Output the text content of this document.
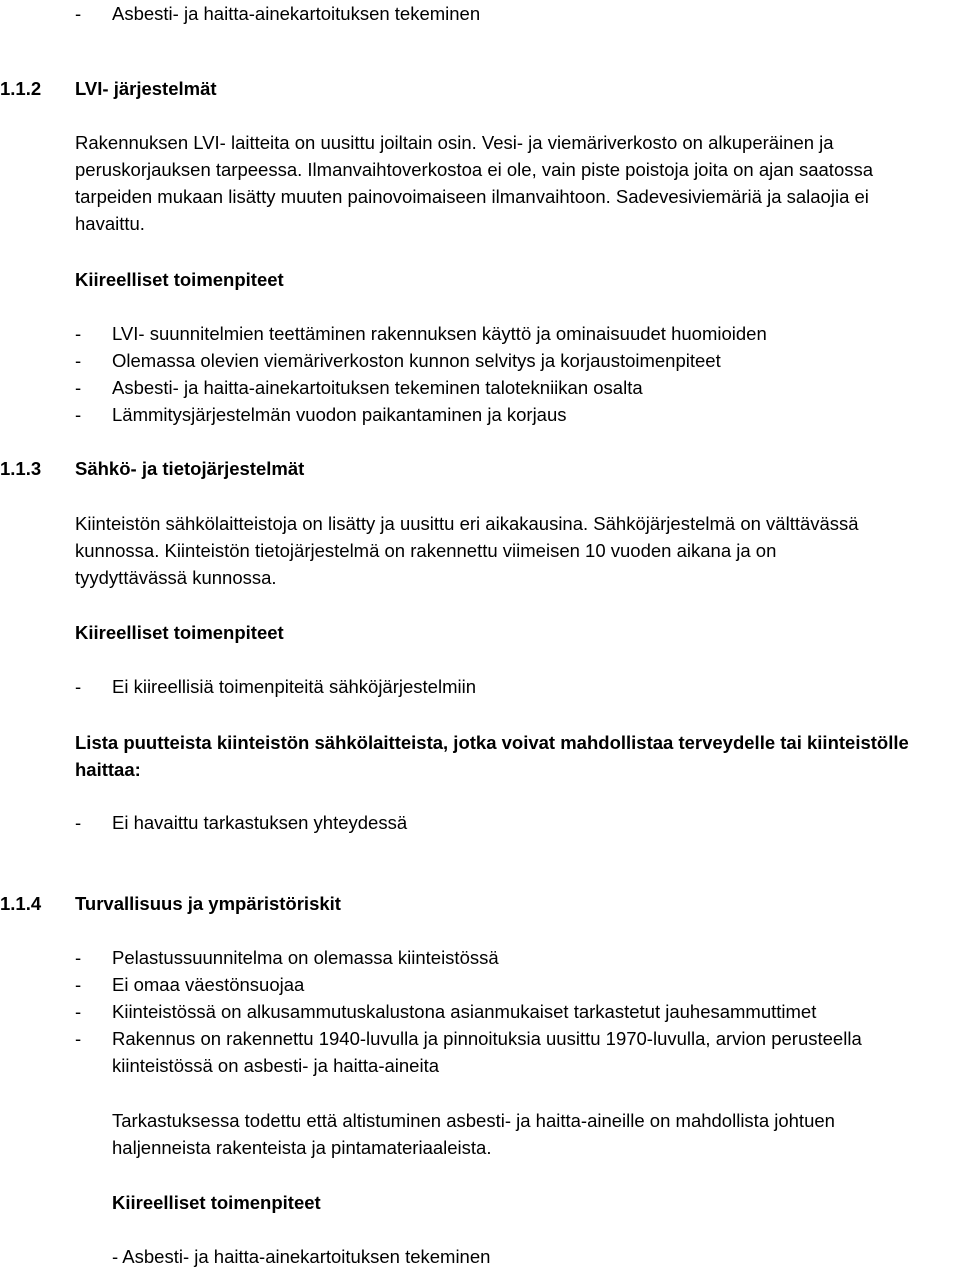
- Asbesti- ja haitta-ainekartoituksen tekeminen
1.1.2 LVI- järjestelmät
Rakennuksen LVI- laitteita on uusittu joiltain osin. Vesi- ja viemäriverkosto on alkuperäinen ja
peruskorjauksen tarpeessa. Ilmanvaihtoverkostoa ei ole, vain piste poistoja joita on ajan saatossa
tarpeiden mukaan lisätty muuten painovoimaiseen ilmanvaihtoon. Sadevesiviemäriä ja salaojia ei
havaittu.
Kiireelliset toimenpiteet
- LVI- suunnitelmien teettäminen rakennuksen käyttö ja ominaisuudet huomioiden
- Olemassa olevien viemäriverkoston kunnon selvitys ja korjaustoimenpiteet
- Asbesti- ja haitta-ainekartoituksen tekeminen talotekniikan osalta
- Lämmitysjärjestelmän vuodon paikantaminen ja korjaus
1.1.3 Sähkö- ja tietojärjestelmät
Kiinteistön sähkölaitteistoja on lisätty ja uusittu eri aikakausina. Sähköjärjestelmä on välttävässä
kunnossa. Kiinteistön tietojärjestelmä on rakennettu viimeisen 10 vuoden aikana ja on
tyydyttävässä kunnossa.
Kiireelliset toimenpiteet
- Ei kiireellisiä toimenpiteitä sähköjärjestelmiin
Lista puutteista kiinteistön sähkölaitteista, jotka voivat mahdollistaa terveydelle tai kiinteistölle
haittaa:
- Ei havaittu tarkastuksen yhteydessä
1.1.4 Turvallisuus ja ympäristöriskit
- Pelastussuunnitelma on olemassa kiinteistössä
- Ei omaa väestönsuojaa
- Kiinteistössä on alkusammutuskalustona asianmukaiset tarkastetut jauhesammuttimet
- Rakennus on rakennettu 1940-luvulla ja pinnoituksia uusittu 1970-luvulla, arvion perusteella
kiinteistössä on asbesti- ja haitta-aineita
Tarkastuksessa todettu että altistuminen asbesti- ja haitta-aineille on mahdollista johtuen
haljenneista rakenteista ja pintamateriaaleista.
Kiireelliset toimenpiteet
- Asbesti- ja haitta-ainekartoituksen tekeminen
